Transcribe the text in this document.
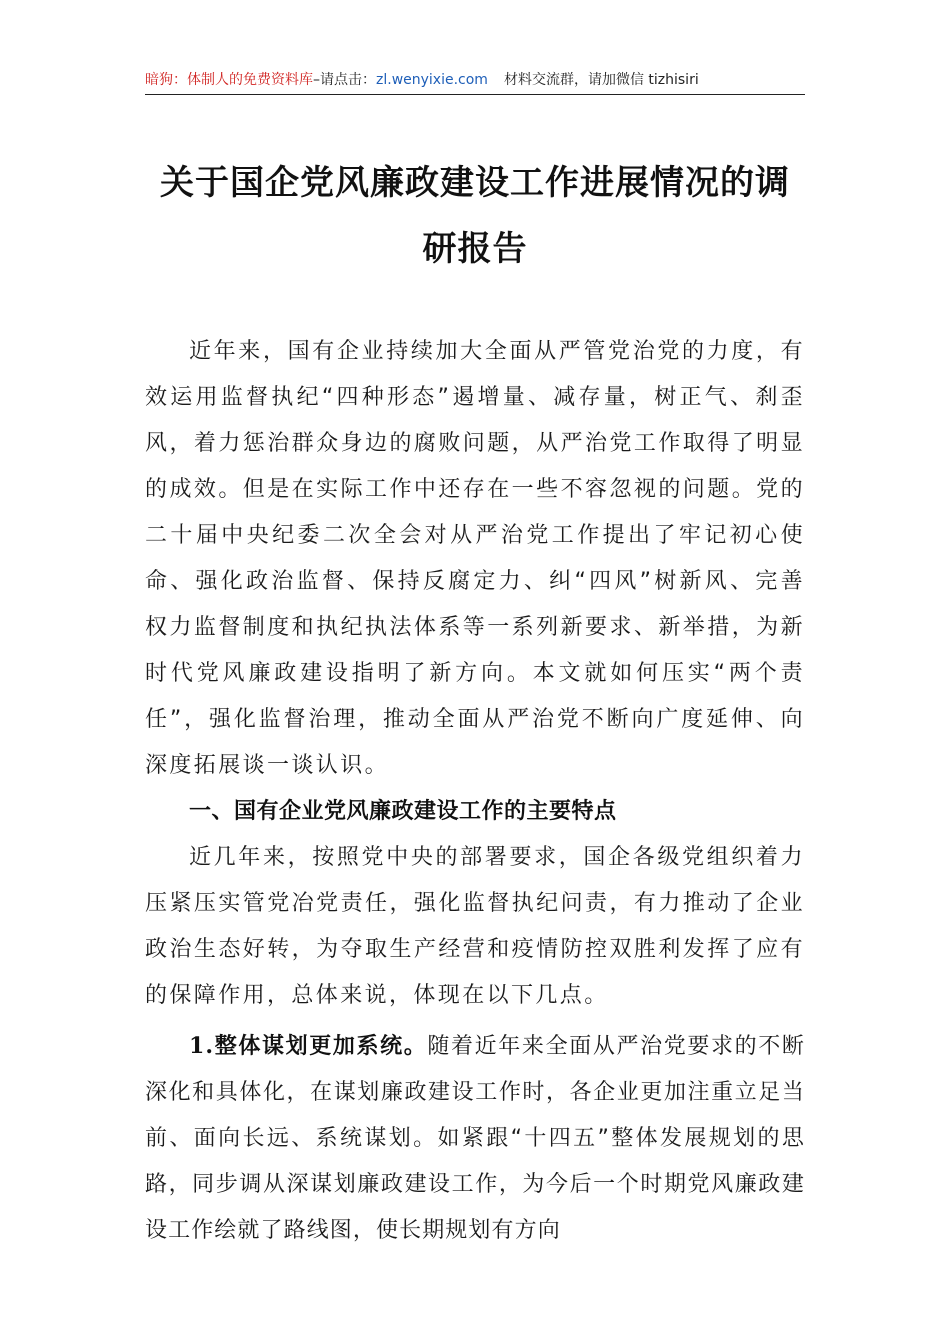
暗狗：体制人的免费资料库–请点击：zl.wenyixie.com 材料交流群，请加微信 tizhisiri
关于国企党风廉政建设工作进展情况的调研报告

近年来，国有企业持续加大全面从严管党治党的力度，有效运用监督执纪“四种形态”遏增量、减存量，树正气、刹歪风，着力惩治群众身边的腐败问题，从严治党工作取得了明显的成效。但是在实际工作中还存在一些不容忽视的问题。党的二十届中央纪委二次全会对从严治党工作提出了牢记初心使命、强化政治监督、保持反腐定力、纠“四风”树新风、完善权力监督制度和执纪执法体系等一系列新要求、新举措，为新时代党风廉政建设指明了新方向。本文就如何压实“两个责任”，强化监督治理，推动全面从严治党不断向广度延伸、向深度拓展谈一谈认识。

一、国有企业党风廉政建设工作的主要特点

近几年来，按照党中央的部署要求，国企各级党组织着力压紧压实管党冶党责任，强化监督执纪问责，有力推动了企业政治生态好转，为夺取生产经营和疫情防控双胜利发挥了应有的保障作用，总体来说，体现在以下几点。

1.整体谋划更加系统。随着近年来全面从严治党要求的不断深化和具体化，在谋划廉政建设工作时，各企业更加注重立足当前、面向长远、系统谋划。如紧跟“十四五”整体发展规划的思路，同步调从深谋划廉政建设工作，为今后一个时期党风廉政建设工作绘就了路线图，使长期规划有方向
